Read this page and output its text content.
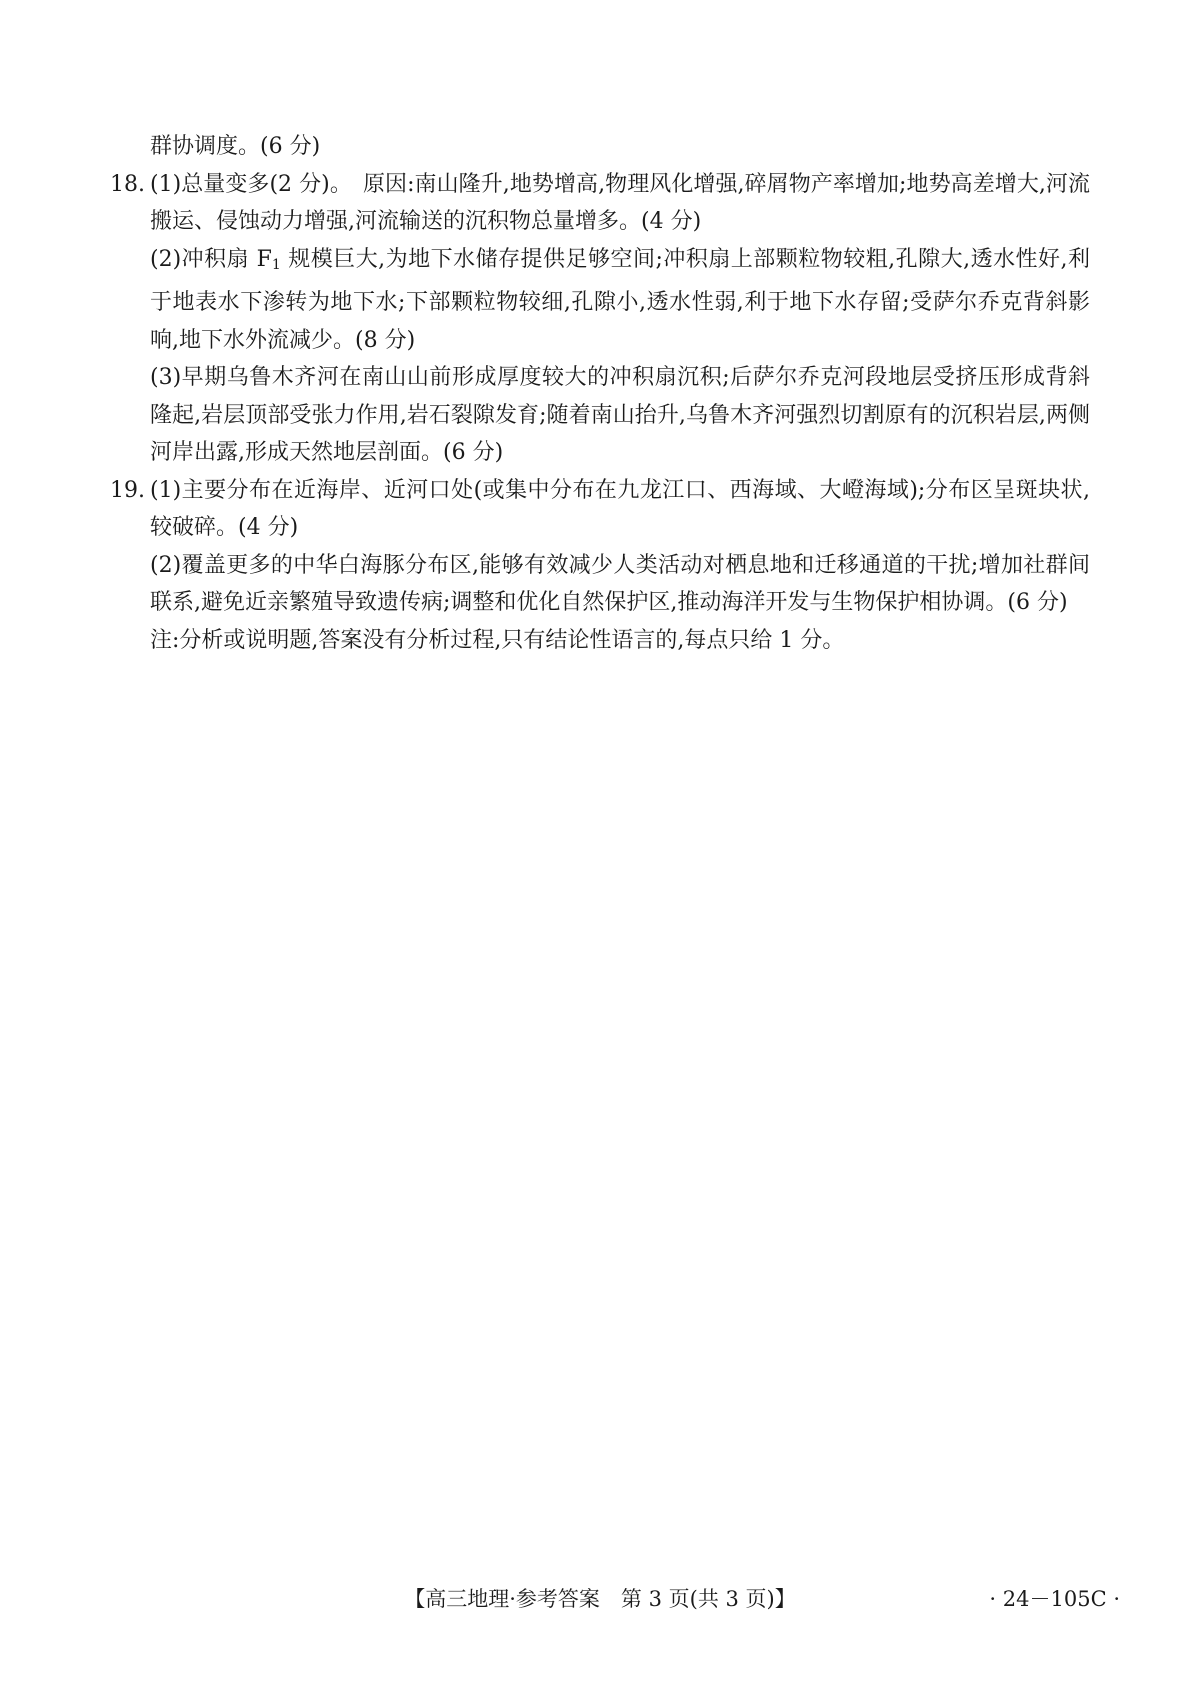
群协调度。(6 分)

18. (1)总量变多(2 分)。　原因:南山隆升,地势增高,物理风化增强,碎屑物产率增加;地势高差增大,河流搬运、侵蚀动力增强,河流输送的沉积物总量增多。(4 分)

(2)冲积扇 $F_1$ 规模巨大,为地下水储存提供足够空间;冲积扇上部颗粒物较粗,孔隙大,透水性好,利于地表水下渗转为地下水;下部颗粒物较细,孔隙小,透水性弱,利于地下水存留;受萨尔乔克背斜影响,地下水外流减少。(8 分)

(3)早期乌鲁木齐河在南山山前形成厚度较大的冲积扇沉积;后萨尔乔克河段地层受挤压形成背斜隆起,岩层顶部受张力作用,岩石裂隙发育;随着南山抬升,乌鲁木齐河强烈切割原有的沉积岩层,两侧河岸出露,形成天然地层剖面。(6 分)

19. (1)主要分布在近海岸、近河口处(或集中分布在九龙江口、西海域、大嶝海域);分布区呈斑块状,较破碎。(4 分)

(2)覆盖更多的中华白海豚分布区,能够有效减少人类活动对栖息地和迁移通道的干扰;增加社群间联系,避免近亲繁殖导致遗传病;调整和优化自然保护区,推动海洋开发与生物保护相协调。(6 分)

注:分析或说明题,答案没有分析过程,只有结论性语言的,每点只给 1 分。

【高三地理·参考答案　第 3 页(共 3 页)】	· 24－105C ·
